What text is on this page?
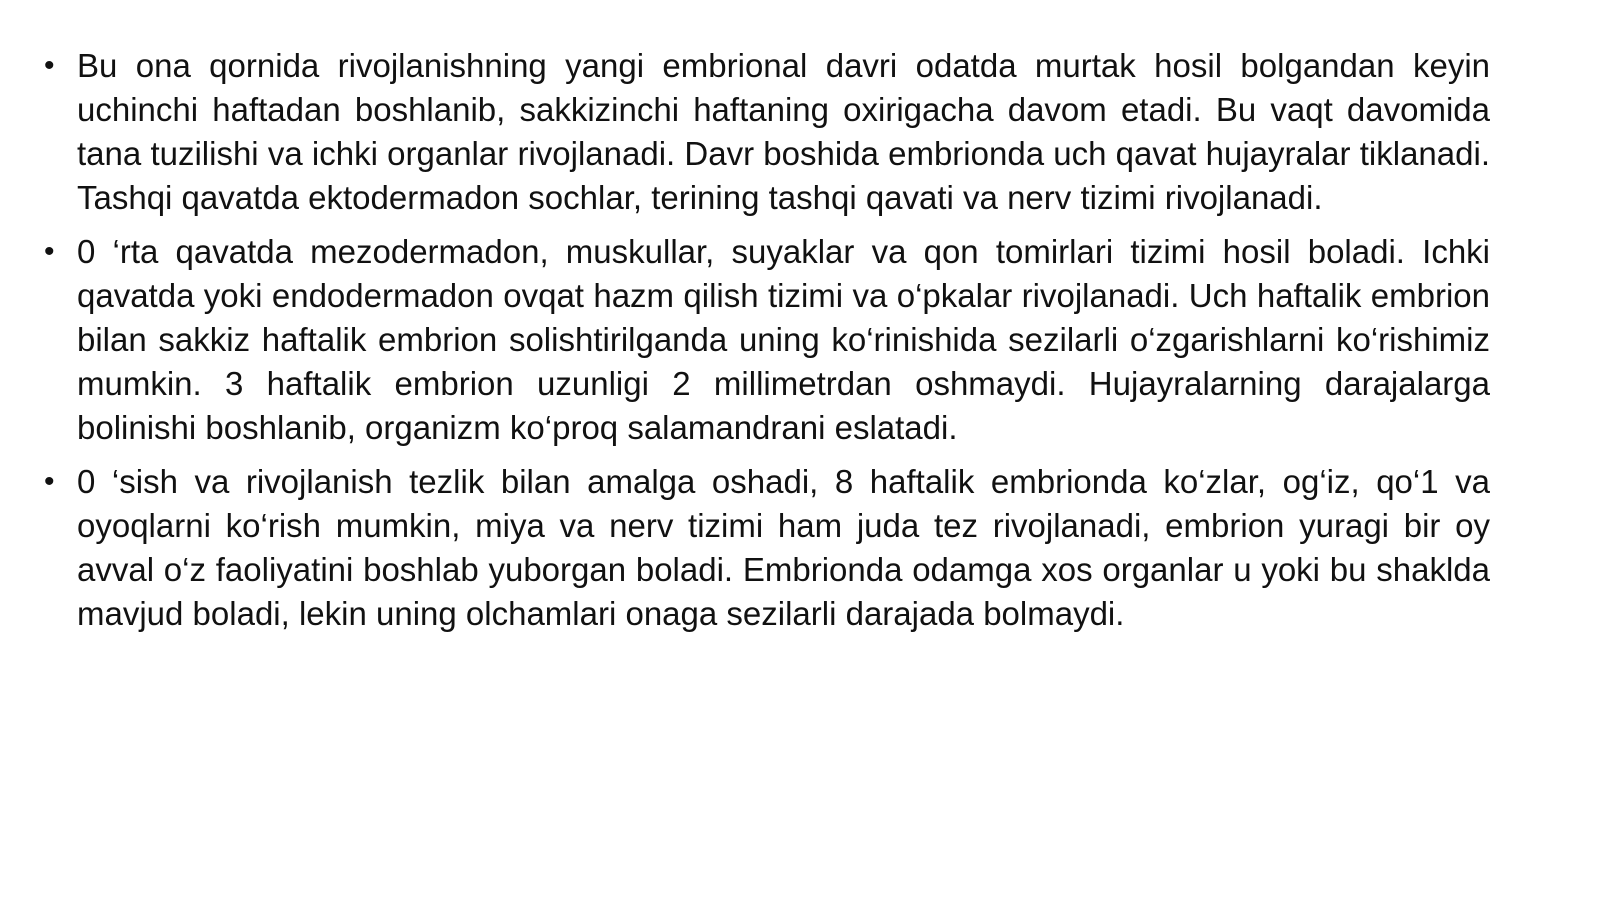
• Bu ona qornida rivojlanishning yangi embrional davri odatda murtak hosil bolgandan keyin uchinchi haftadan boshlanib, sakkizinchi haftaning oxirigacha davom etadi. Bu vaqt davomida tana tuzilishi va ichki organlar rivojlanadi. Davr boshida embrionda uch qavat hujayralar tiklanadi. Tashqi qavatda ektodermadon sochlar, terining tashqi qavati va nerv tizimi rivojlanadi.
• 0 ‘rta qavatda mezodermadon, muskullar, suyaklar va qon tomirlari tizimi hosil boladi. Ichki qavatda yoki endodermadon ovqat hazm qilish tizimi va o‘pkalar rivojlanadi. Uch haftalik embrion bilan sakkiz haftalik embrion solishtirilganda uning ko‘rinishida sezilarli o‘zgarishlarni ko‘rishimiz mumkin. 3 haftalik embrion uzunligi 2 millimetrdan oshmaydi. Hujayralarning darajalarga bolinishi boshlanib, organizm ko‘proq salamandrani eslatadi.
• 0 ‘sish va rivojlanish tezlik bilan amalga oshadi, 8 haftalik embrionda ko‘zlar, og‘iz, qo‘1 va oyoqlarni ko‘rish mumkin, miya va nerv tizimi ham juda tez rivojlanadi, embrion yuragi bir oy avval o‘z faoliyatini boshlab yuborgan boladi. Embrionda odamga xos organlar u yoki bu shaklda mavjud boladi, lekin uning olchamlari onaga sezilarli darajada bolmaydi.
